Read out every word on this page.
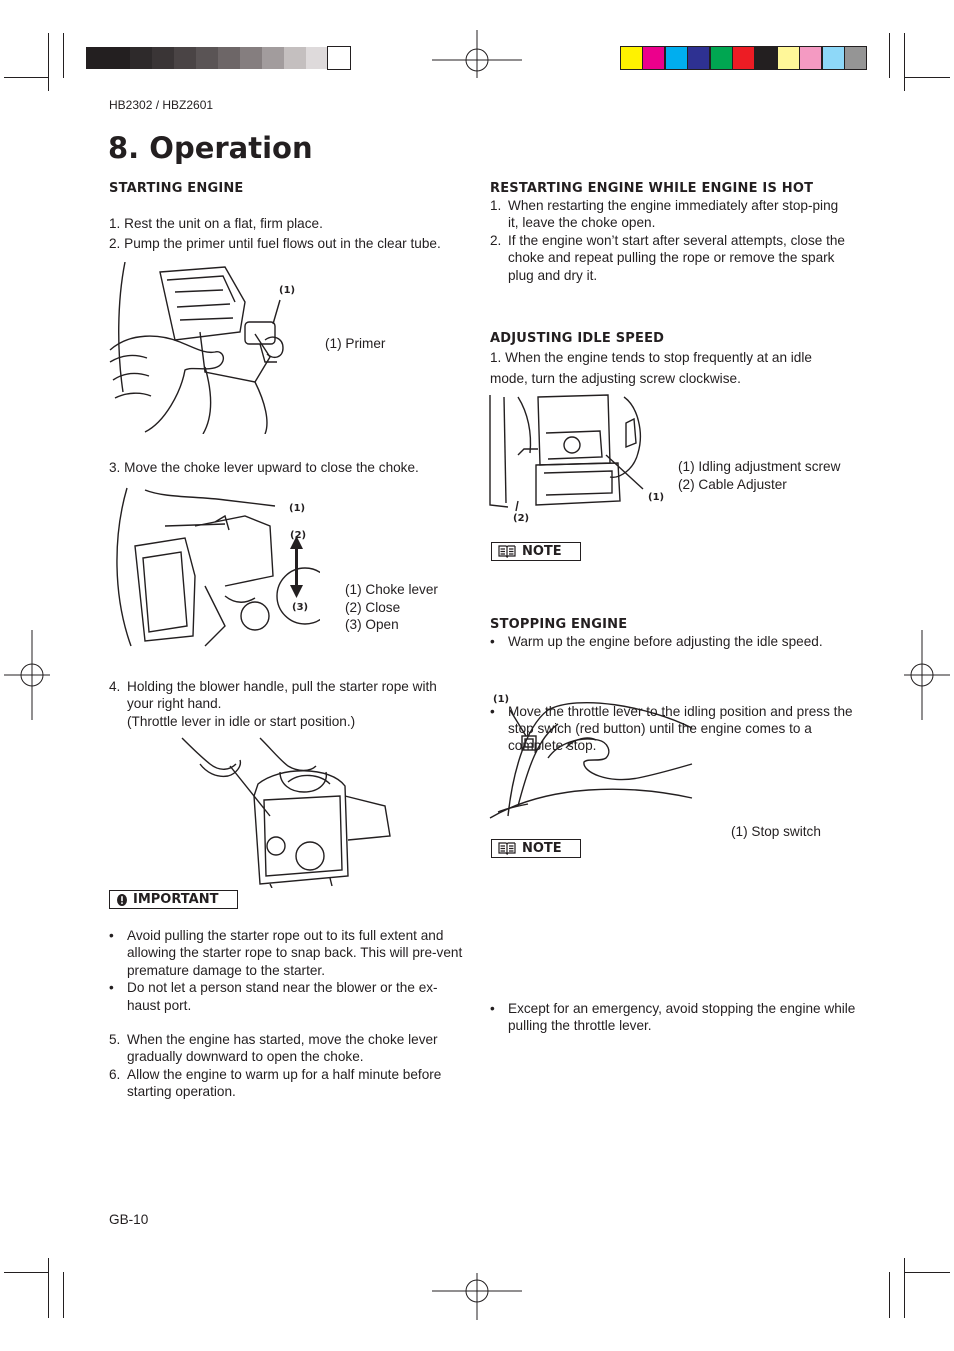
HB2302 / HBZ2601
8. Operation
STARTING ENGINE
1. Rest the unit on a flat, firm place.
2. Pump the primer until fuel flows out in the clear tube.
(1)
(1) Primer
3. Move the choke lever upward to close the choke.
(1)
(2)
(3)
(1) Choke lever
(2) Close
(3) Open
4. Holding the blower handle, pull the starter rope with your right hand.
(Throttle lever in idle or start position.)
IMPORTANT
• Avoid pulling the starter rope out to its full extent and allowing the starter rope to snap back. This will pre-vent premature damage to the starter.
• Do not let a person stand near the blower or the ex-haust port.
5. When the engine has started, move the choke lever gradually downward to open the choke.
6. Allow the engine to warm up for a half minute before starting operation.
RESTARTING ENGINE WHILE ENGINE IS HOT
1. When restarting the engine immediately after stop-ping it, leave the choke open.
2. If the engine won’t start after several attempts, close the choke and repeat pulling the rope or remove the spark plug and dry it.
ADJUSTING IDLE SPEED
1. When the engine tends to stop frequently at an idle mode, turn the adjusting screw clockwise.
(1)
(2)
(1) Idling adjustment screw
(2) Cable Adjuster
NOTE
• Warm up the engine before adjusting the idle speed.
STOPPING ENGINE
• Move the throttle lever to the idling position and press the stop swich (red button) until the engine comes to a complete stop.
(1)
(1) Stop switch
NOTE
• Except for an emergency, avoid stopping the engine while pulling the throttle lever.
GB-10
